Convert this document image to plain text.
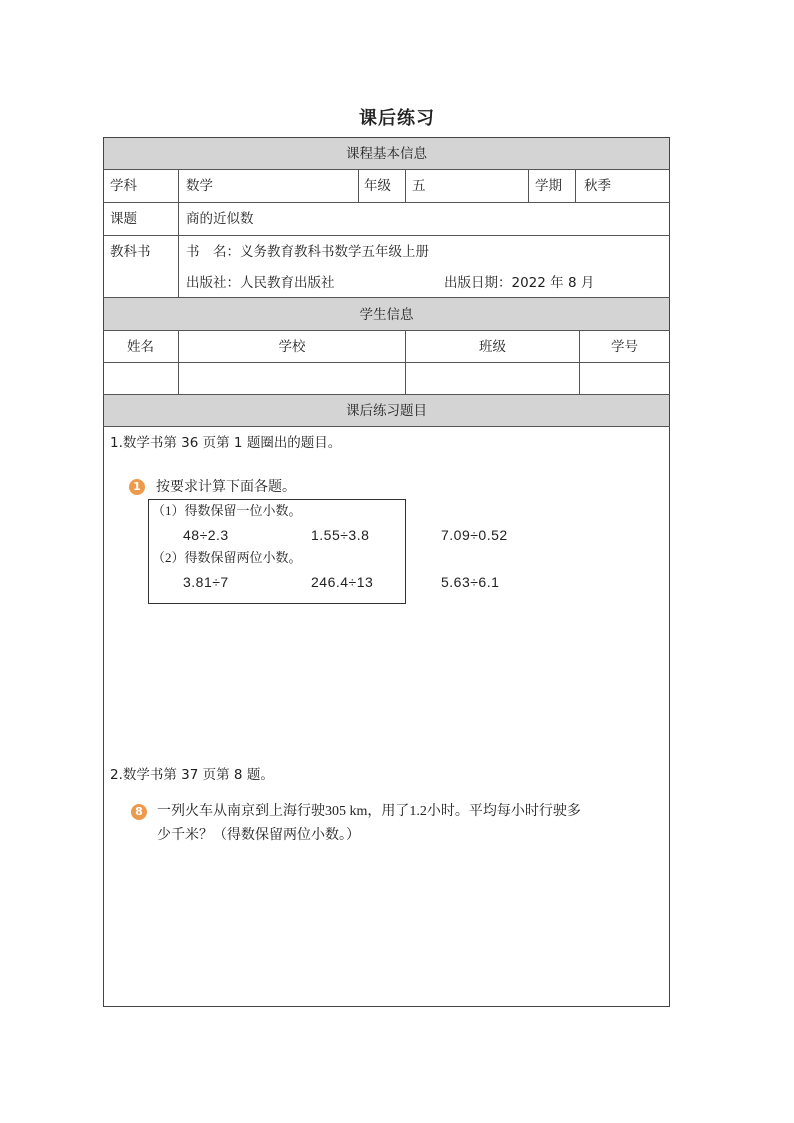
课后练习
课程基本信息
学科	数学	年级 五	学期 秋季
课题	商的近似数
教科书	书　名：义务教育教科书数学五年级上册
出版社：人民教育出版社	出版日期：2022 年 8 月
学生信息
姓名	学校	班级	学号
课后练习题目
1.数学书第 36 页第 1 题圈出的题目。
1 按要求计算下面各题。
（1）得数保留一位小数。
48÷2.3	1.55÷3.8	7.09÷0.52
（2）得数保留两位小数。
3.81÷7	246.4÷13	5.63÷6.1
2.数学书第 37 页第 8 题。
8 一列火车从南京到上海行驶305 km，用了1.2小时。平均每小时行驶多
少千米？（得数保留两位小数。）
